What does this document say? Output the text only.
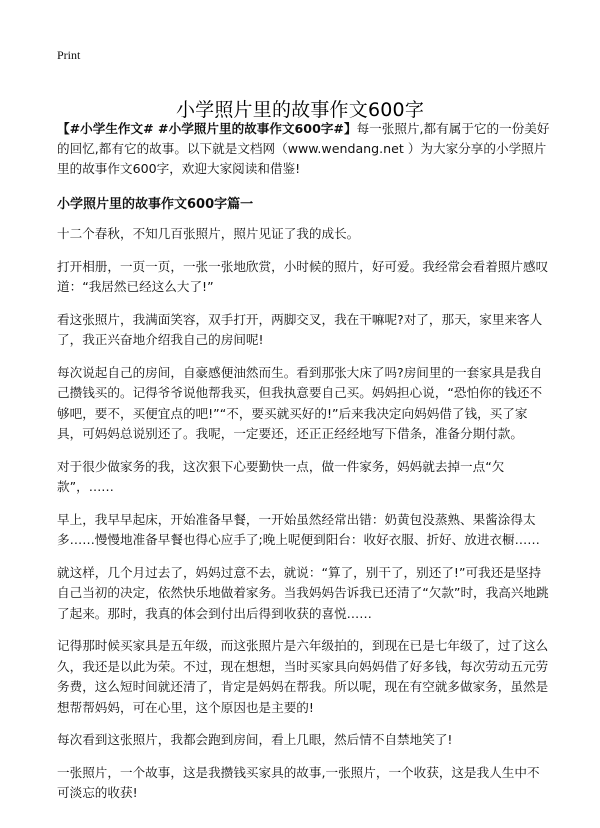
Print
小学照片里的故事作文600字

【#小学生作文# #小学照片里的故事作文600字#】每一张照片,都有属于它的一份美好的回忆,都有它的故事。以下就是文档网（www.wendang.net ）为大家分享的小学照片里的故事作文600字，欢迎大家阅读和借鉴!

小学照片里的故事作文600字篇一

十二个春秋，不知几百张照片，照片见证了我的成长。

打开相册，一页一页，一张一张地欣赏，小时候的照片，好可爱。我经常会看着照片感叹道：“我居然已经这么大了!”

看这张照片，我满面笑容，双手打开，两脚交叉，我在干嘛呢?对了，那天，家里来客人了，我正兴奋地介绍我自己的房间呢!

每次说起自己的房间，自豪感便油然而生。看到那张大床了吗?房间里的一套家具是我自己攒钱买的。记得爷爷说他帮我买，但我执意要自己买。妈妈担心说，“恐怕你的钱还不够吧，要不，买便宜点的吧!”“不，要买就买好的!”后来我决定向妈妈借了钱，买了家具，可妈妈总说别还了。我呢，一定要还，还正正经经地写下借条，准备分期付款。

对于很少做家务的我，这次狠下心要勤快一点，做一件家务，妈妈就去掉一点“欠款”，……

早上，我早早起床，开始准备早餐，一开始虽然经常出错：奶黄包没蒸熟、果酱涂得太多……慢慢地准备早餐也得心应手了;晚上呢便到阳台：收好衣服、折好、放进衣橱……

就这样，几个月过去了，妈妈过意不去，就说：“算了，别干了，别还了!”可我还是坚持自己当初的决定，依然快乐地做着家务。当我妈妈告诉我已还清了“欠款”时，我高兴地跳了起来。那时，我真的体会到付出后得到收获的喜悦……

记得那时候买家具是五年级，而这张照片是六年级拍的，到现在已是七年级了，过了这么久，我还是以此为荣。不过，现在想想，当时买家具向妈妈借了好多钱，每次劳动五元劳务费，这么短时间就还清了，肯定是妈妈在帮我。所以呢，现在有空就多做家务，虽然是想帮帮妈妈，可在心里，这个原因也是主要的!

每次看到这张照片，我都会跑到房间，看上几眼，然后情不自禁地笑了!

一张照片，一个故事，这是我攒钱买家具的故事,一张照片，一个收获，这是我人生中不可淡忘的收获!
